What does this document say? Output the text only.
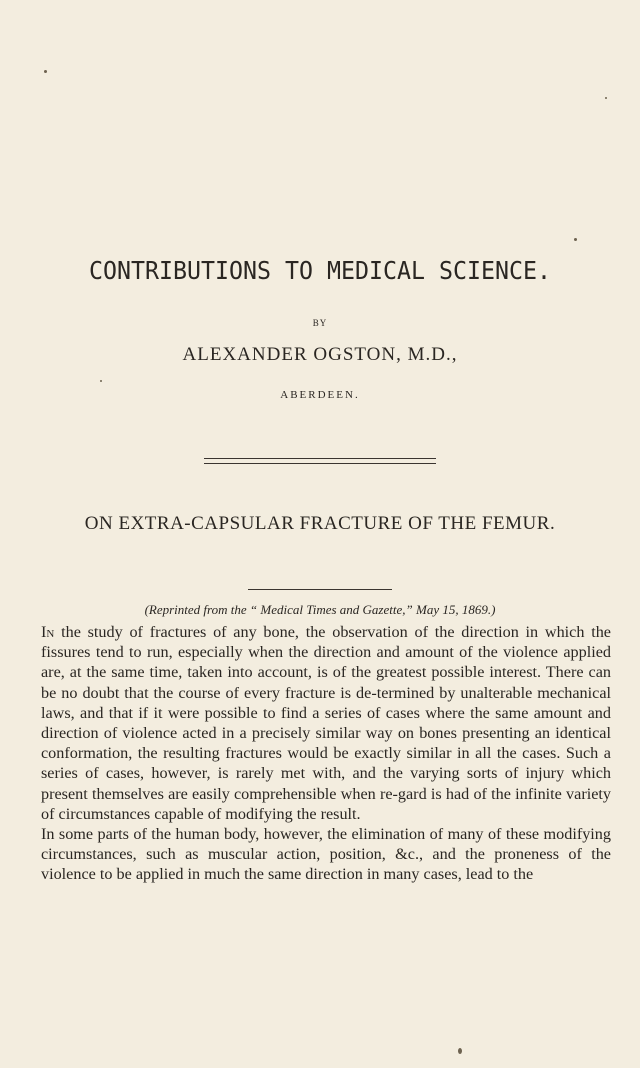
CONTRIBUTIONS TO MEDICAL SCIENCE.
BY
ALEXANDER OGSTON, M.D.,
ABERDEEN.
ON EXTRA-CAPSULAR FRACTURE OF THE FEMUR.
(Reprinted from the “ Medical Times and Gazette,” May 15, 1869.)

In the study of fractures of any bone, the observation of the direction in which the fissures tend to run, especially when the direction and amount of the violence applied are, at the same time, taken into account, is of the greatest possible interest. There can be no doubt that the course of every fracture is de-termined by unalterable mechanical laws, and that if it were possible to find a series of cases where the same amount and direction of violence acted in a precisely similar way on bones presenting an identical conformation, the resulting fractures would be exactly similar in all the cases. Such a series of cases, however, is rarely met with, and the varying sorts of injury which present themselves are easily comprehensible when re-gard is had of the infinite variety of circumstances capable of modifying the result.

In some parts of the human body, however, the elimination of many of these modifying circumstances, such as muscular action, position, &c., and the proneness of the violence to be applied in much the same direction in many cases, lead to the
